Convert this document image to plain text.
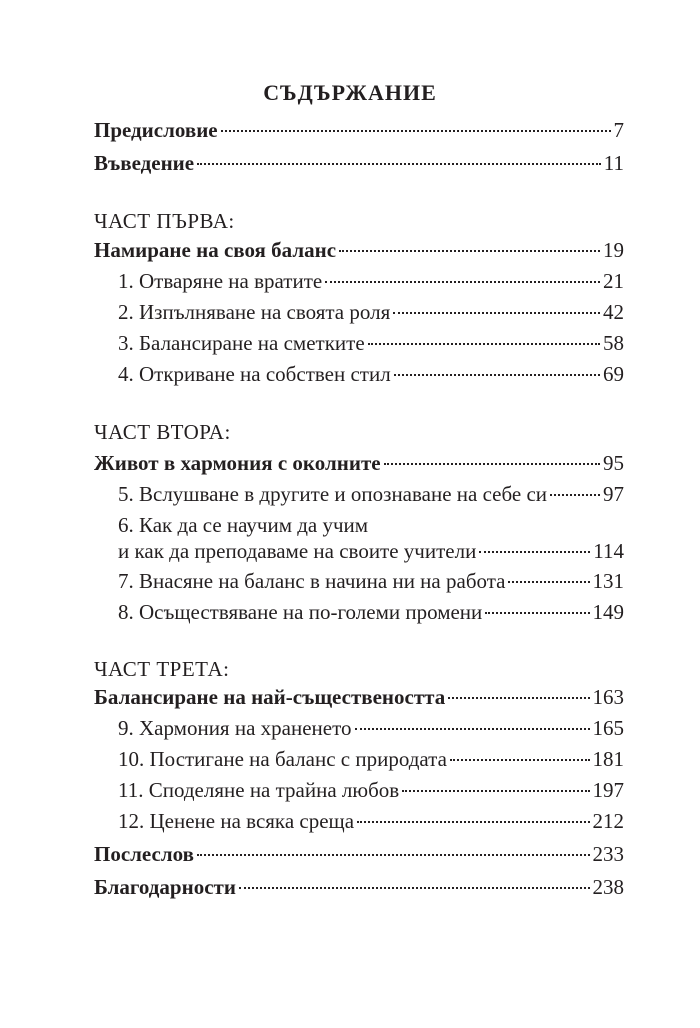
СЪДЪРЖАНИЕ
Предисловие	7
Въведение	11
ЧАСТ ПЪРВА:
Намиране на своя баланс	19
1. Отваряне на вратите	21
2. Изпълняване на своята роля	42
3. Балансиране на сметките	58
4. Откриване на собствен стил	69
ЧАСТ ВТОРА:
Живот в хармония с околните	95
5. Вслушване в другите и опознаване на себе си	97
6. Как да се научим да учим
и как да преподаваме на своите учители	114
7. Внасяне на баланс в начина ни на работа	131
8. Осъществяване на по-големи промени	149
ЧАСТ ТРЕТА:
Балансиране на най-съществеността	163
9. Хармония на храненето	165
10. Постигане на баланс с природата	181
11. Споделяне на трайна любов	197
12. Ценене на всяка среща	212
Послеслов	233
Благодарности	238
